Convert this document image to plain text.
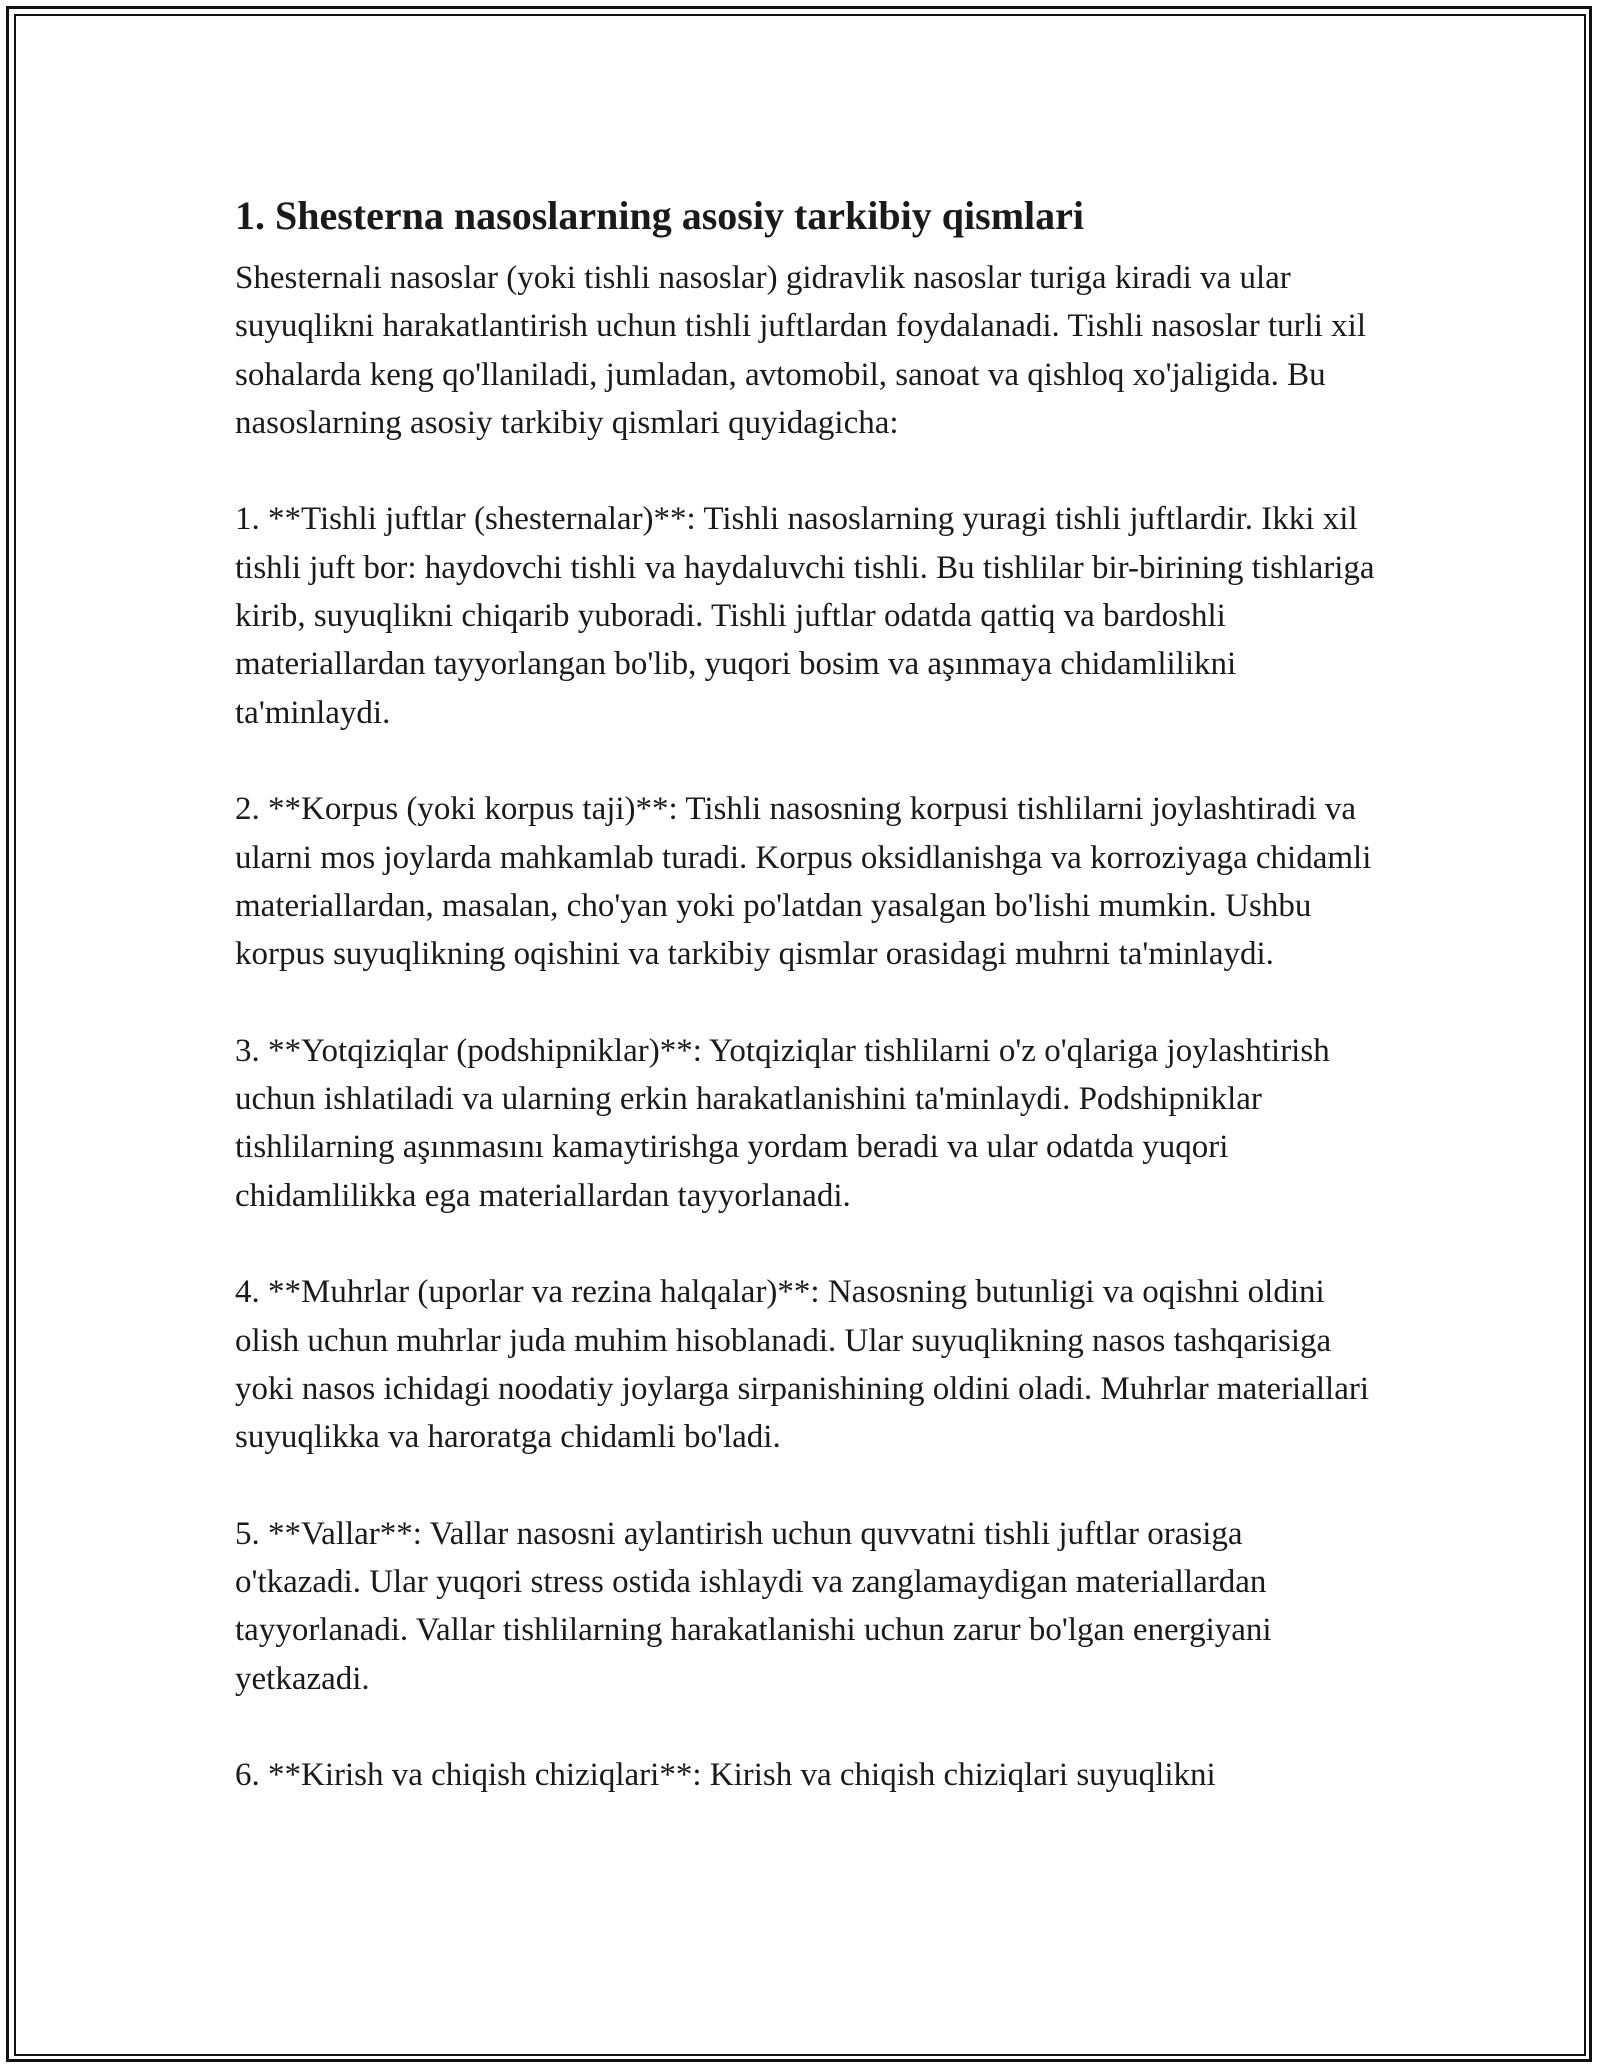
1. Shesterna nasoslarning asosiy tarkibiy qismlari

Shesternali nasoslar (yoki tishli nasoslar) gidravlik nasoslar turiga kiradi va ular suyuqlikni harakatlantirish uchun tishli juftlardan foydalanadi. Tishli nasoslar turli xil sohalarda keng qo'llaniladi, jumladan, avtomobil, sanoat va qishloq xo'jaligida. Bu nasoslarning asosiy tarkibiy qismlari quyidagicha:

1. **Tishli juftlar (shesternalar)**: Tishli nasoslarning yuragi tishli juftlardir. Ikki xil tishli juft bor: haydovchi tishli va haydaluvchi tishli. Bu tishlilar bir-birining tishlariga kirib, suyuqlikni chiqarib yuboradi. Tishli juftlar odatda qattiq va bardoshli materiallardan tayyorlangan bo'lib, yuqori bosim va aşınmaya chidamlilikni ta'minlaydi.

2. **Korpus (yoki korpus taji)**: Tishli nasosning korpusi tishlilarni joylashtiradi va ularni mos joylarda mahkamlab turadi. Korpus oksidlanishga va korroziyaga chidamli materiallardan, masalan, cho'yan yoki po'latdan yasalgan bo'lishi mumkin. Ushbu korpus suyuqlikning oqishini va tarkibiy qismlar orasidagi muhrni ta'minlaydi.

3. **Yotqiziqlar (podshipniklar)**: Yotqiziqlar tishlilarni o'z o'qlariga joylashtirish uchun ishlatiladi va ularning erkin harakatlanishini ta'minlaydi. Podshipniklar tishlilarning aşınmasını kamaytirishga yordam beradi va ular odatda yuqori chidamlilikka ega materiallardan tayyorlanadi.

4. **Muhrlar (uporlar va rezina halqalar)**: Nasosning butunligi va oqishni oldini olish uchun muhrlar juda muhim hisoblanadi. Ular suyuqlikning nasos tashqarisiga yoki nasos ichidagi noodatiy joylarga sirpanishining oldini oladi. Muhrlar materiallari suyuqlikka va haroratga chidamli bo'ladi.

5. **Vallar**: Vallar nasosni aylantirish uchun quvvatni tishli juftlar orasiga o'tkazadi. Ular yuqori stress ostida ishlaydi va zanglamaydigan materiallardan tayyorlanadi. Vallar tishlilarning harakatlanishi uchun zarur bo'lgan energiyani yetkazadi.

6. **Kirish va chiqish chiziqlari**: Kirish va chiqish chiziqlari suyuqlikni
